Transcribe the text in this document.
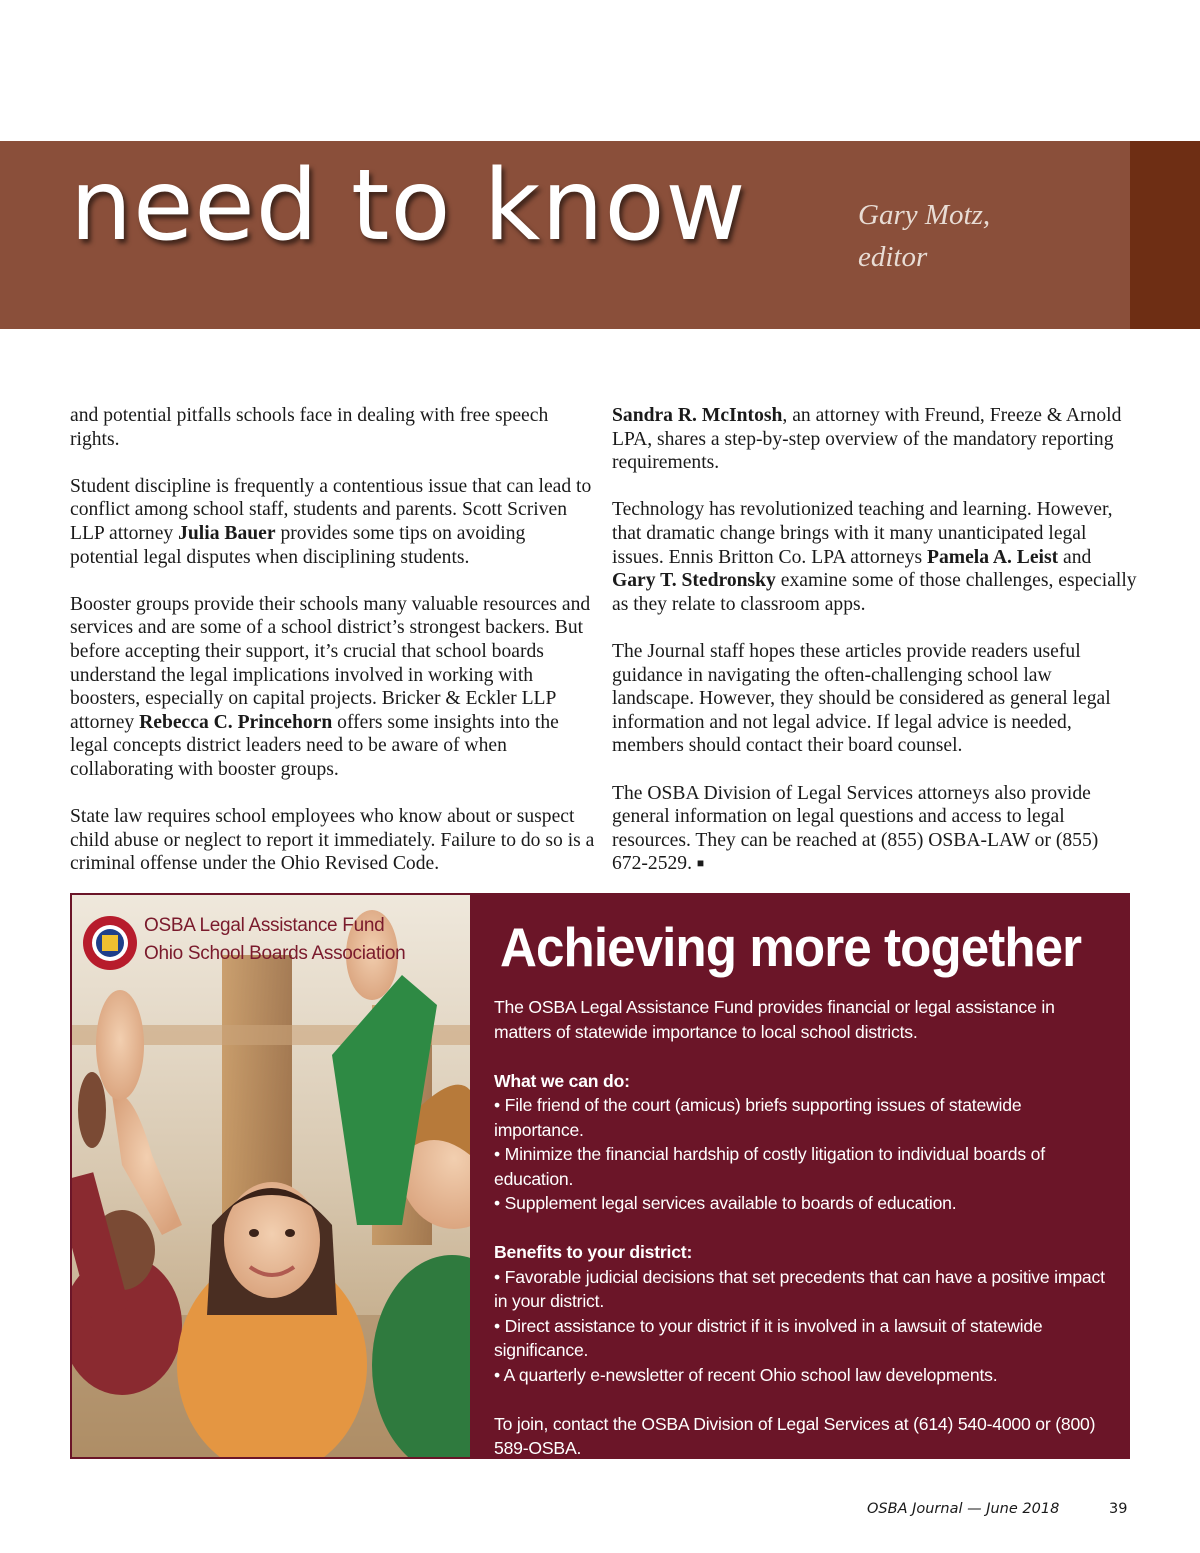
need to know	Gary Motz,
editor

and potential pitfalls schools face in dealing with free speech rights.

Student discipline is frequently a contentious issue that can lead to conflict among school staff, students and parents. Scott Scriven LLP attorney Julia Bauer provides some tips on avoiding potential legal disputes when disciplining students.

Booster groups provide their schools many valuable resources and services and are some of a school district’s strongest backers. But before accepting their support, it’s crucial that school boards understand the legal implications involved in working with boosters, especially on capital projects. Bricker & Eckler LLP attorney Rebecca C. Princehorn offers some insights into the legal concepts district leaders need to be aware of when collaborating with booster groups.

State law requires school employees who know about or suspect child abuse or neglect to report it immediately. Failure to do so is a criminal offense under the Ohio Revised Code.

Sandra R. McIntosh, an attorney with Freund, Freeze & Arnold LPA, shares a step-by-step overview of the mandatory reporting requirements.

Technology has revolutionized teaching and learning. However, that dramatic change brings with it many unanticipated legal issues. Ennis Britton Co. LPA attorneys Pamela A. Leist and Gary T. Stedronsky examine some of those challenges, especially as they relate to classroom apps.

The Journal staff hopes these articles provide readers useful guidance in navigating the often-challenging school law landscape. However, they should be considered as general legal information and not legal advice. If legal advice is needed, members should contact their board counsel.

The OSBA Division of Legal Services attorneys also provide general information on legal questions and access to legal resources. They can be reached at (855) OSBA-LAW or (855) 672-2529. ■

OSBA Legal Assistance Fund
Ohio School Boards Association Achieving more together

The OSBA Legal Assistance Fund provides financial or legal assistance in matters of statewide importance to local school districts.

What we can do:
• File friend of the court (amicus) briefs supporting issues of statewide importance.
• Minimize the financial hardship of costly litigation to individual boards of education.
• Supplement legal services available to boards of education.

Benefits to your district:
• Favorable judicial decisions that set precedents that can have a positive impact in your district.
• Direct assistance to your district if it is involved in a lawsuit of statewide significance.
• A quarterly e-newsletter of recent Ohio school law developments.

To join, contact the OSBA Division of Legal Services at (614) 540-4000 or (800) 589-OSBA.

OSBA Journal — June 2018	39
